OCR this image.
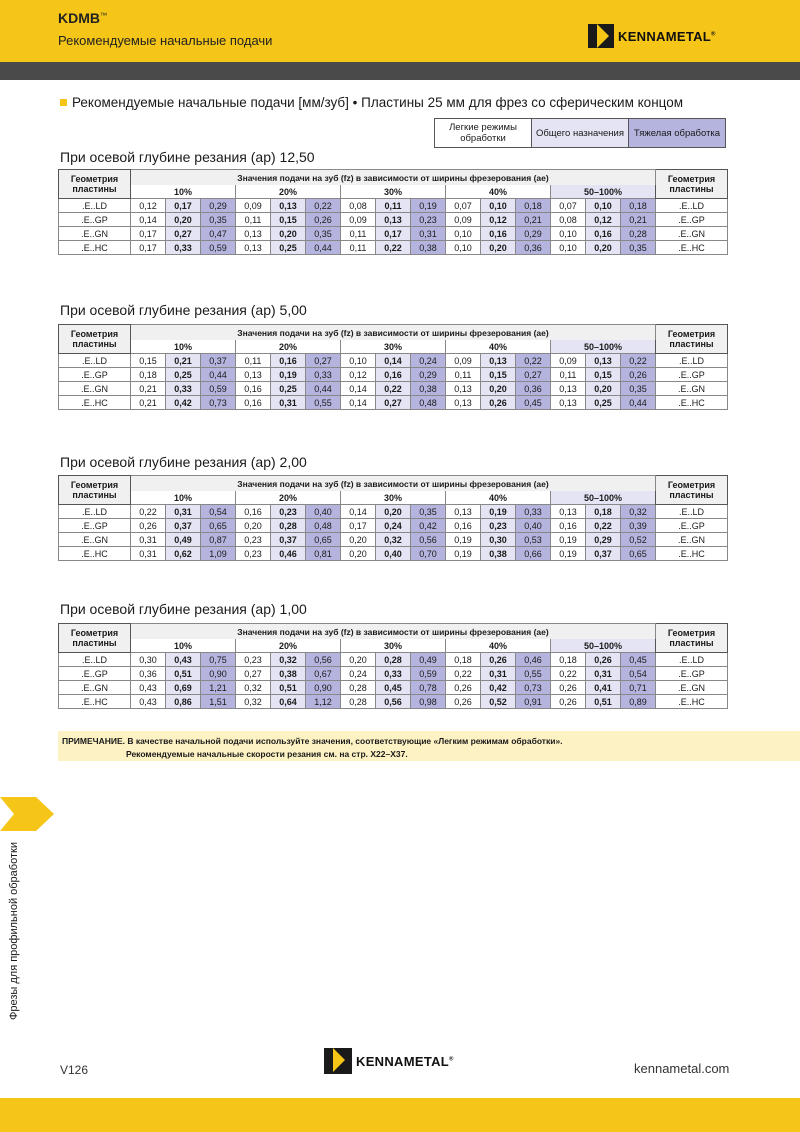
KDMB™
Рекомендуемые начальные подачи	KENNAMETAL®
Рекомендуемые начальные подачи [мм/зуб] • Пластины 25 мм для фрез со сферическим концом
Легкие режимы обработки	Общего назначения	Тяжелая обработка
При осевой глубине резания (ap) 12,50
Геометрия пластины	Значения подачи на зуб (fz) в зависимости от ширины фрезерования (ae)															Геометрия пластины
	10%			20%			30%			40%			50–100%			
.E..LD	0,12	0,17	0,29	0,09	0,13	0,22	0,08	0,11	0,19	0,07	0,10	0,18	0,07	0,10	0,18	.E..LD
.E..GP	0,14	0,20	0,35	0,11	0,15	0,26	0,09	0,13	0,23	0,09	0,12	0,21	0,08	0,12	0,21	.E..GP
.E..GN	0,17	0,27	0,47	0,13	0,20	0,35	0,11	0,17	0,31	0,10	0,16	0,29	0,10	0,16	0,28	.E..GN
.E..HC	0,17	0,33	0,59	0,13	0,25	0,44	0,11	0,22	0,38	0,10	0,20	0,36	0,10	0,20	0,35	.E..HC
При осевой глубине резания (ap) 5,00
Геометрия пластины	Значения подачи на зуб (fz) в зависимости от ширины фрезерования (ae)															Геометрия пластины
	10%			20%			30%			40%			50–100%			
.E..LD	0,15	0,21	0,37	0,11	0,16	0,27	0,10	0,14	0,24	0,09	0,13	0,22	0,09	0,13	0,22	.E..LD
.E..GP	0,18	0,25	0,44	0,13	0,19	0,33	0,12	0,16	0,29	0,11	0,15	0,27	0,11	0,15	0,26	.E..GP
.E..GN	0,21	0,33	0,59	0,16	0,25	0,44	0,14	0,22	0,38	0,13	0,20	0,36	0,13	0,20	0,35	.E..GN
.E..HC	0,21	0,42	0,73	0,16	0,31	0,55	0,14	0,27	0,48	0,13	0,26	0,45	0,13	0,25	0,44	.E..HC
При осевой глубине резания (ap) 2,00
Геометрия пластины	Значения подачи на зуб (fz) в зависимости от ширины фрезерования (ae)															Геометрия пластины
	10%			20%			30%			40%			50–100%			
.E..LD	0,22	0,31	0,54	0,16	0,23	0,40	0,14	0,20	0,35	0,13	0,19	0,33	0,13	0,18	0,32	.E..LD
.E..GP	0,26	0,37	0,65	0,20	0,28	0,48	0,17	0,24	0,42	0,16	0,23	0,40	0,16	0,22	0,39	.E..GP
.E..GN	0,31	0,49	0,87	0,23	0,37	0,65	0,20	0,32	0,56	0,19	0,30	0,53	0,19	0,29	0,52	.E..GN
.E..HC	0,31	0,62	1,09	0,23	0,46	0,81	0,20	0,40	0,70	0,19	0,38	0,66	0,19	0,37	0,65	.E..HC
При осевой глубине резания (ap) 1,00
Геометрия пластины	Значения подачи на зуб (fz) в зависимости от ширины фрезерования (ae)															Геометрия пластины
	10%			20%			30%			40%			50–100%			
.E..LD	0,30	0,43	0,75	0,23	0,32	0,56	0,20	0,28	0,49	0,18	0,26	0,46	0,18	0,26	0,45	.E..LD
.E..GP	0,36	0,51	0,90	0,27	0,38	0,67	0,24	0,33	0,59	0,22	0,31	0,55	0,22	0,31	0,54	.E..GP
.E..GN	0,43	0,69	1,21	0,32	0,51	0,90	0,28	0,45	0,78	0,26	0,42	0,73	0,26	0,41	0,71	.E..GN
.E..HC	0,43	0,86	1,51	0,32	0,64	1,12	0,28	0,56	0,98	0,26	0,52	0,91	0,26	0,51	0,89	.E..HC
ПРИМЕЧАНИЕ. В качестве начальной подачи используйте значения, соответствующие «Легким режимам обработки».
Рекомендуемые начальные скорости резания см. на стр. X22–X37.
Фрезы для профильной обработки
V126
KENNAMETAL®
kennametal.com
